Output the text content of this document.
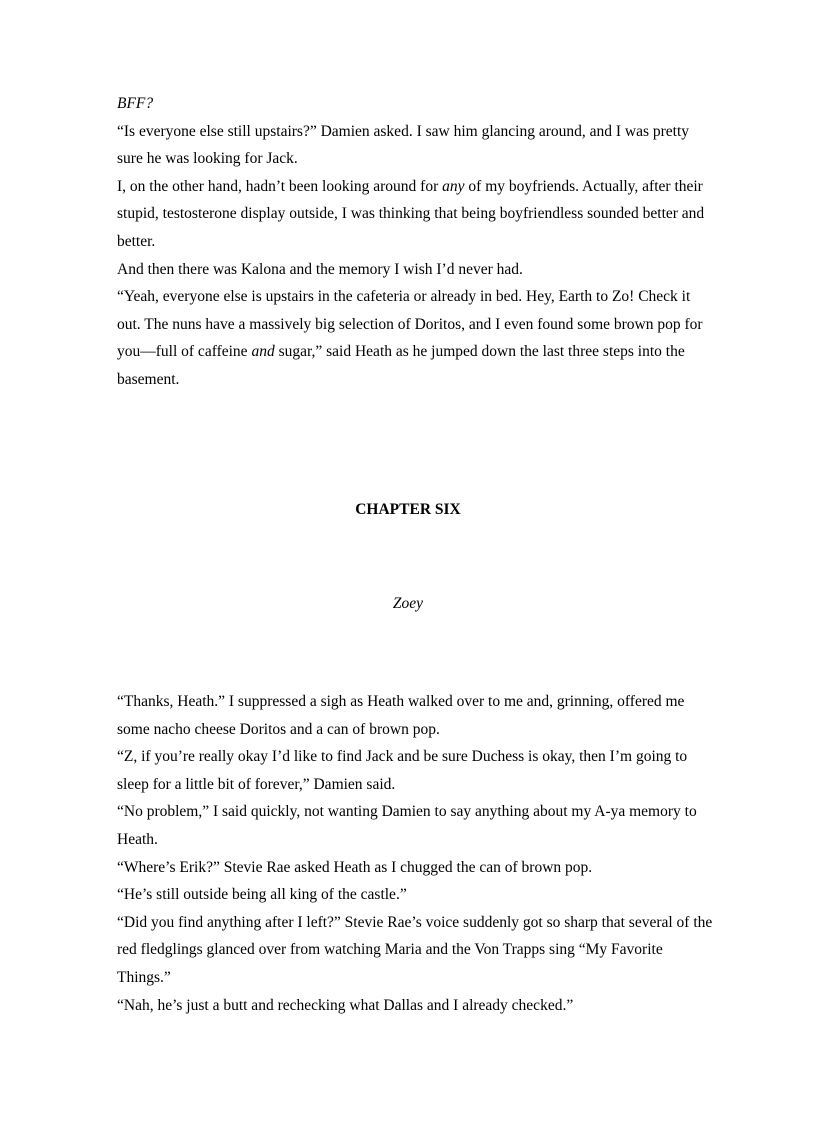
BFF?

“Is everyone else still upstairs?” Damien asked. I saw him glancing around, and I was pretty sure he was looking for Jack.

I, on the other hand, hadn’t been looking around for any of my boyfriends. Actually, after their stupid, testosterone display outside, I was thinking that being boyfriendless sounded better and better.

And then there was Kalona and the memory I wish I’d never had.

“Yeah, everyone else is upstairs in the cafeteria or already in bed. Hey, Earth to Zo! Check it out. The nuns have a massively big selection of Doritos, and I even found some brown pop for you—full of caffeine and sugar,” said Heath as he jumped down the last three steps into the basement.

CHAPTER SIX
Zoey

“Thanks, Heath.” I suppressed a sigh as Heath walked over to me and, grinning, offered me some nacho cheese Doritos and a can of brown pop.

“Z, if you’re really okay I’d like to find Jack and be sure Duchess is okay, then I’m going to sleep for a little bit of forever,” Damien said.

“No problem,” I said quickly, not wanting Damien to say anything about my A-ya memory to Heath.

“Where’s Erik?” Stevie Rae asked Heath as I chugged the can of brown pop.

“He’s still outside being all king of the castle.”

“Did you find anything after I left?” Stevie Rae’s voice suddenly got so sharp that several of the red fledglings glanced over from watching Maria and the Von Trapps sing “My Favorite Things.”

“Nah, he’s just a butt and rechecking what Dallas and I already checked.”
